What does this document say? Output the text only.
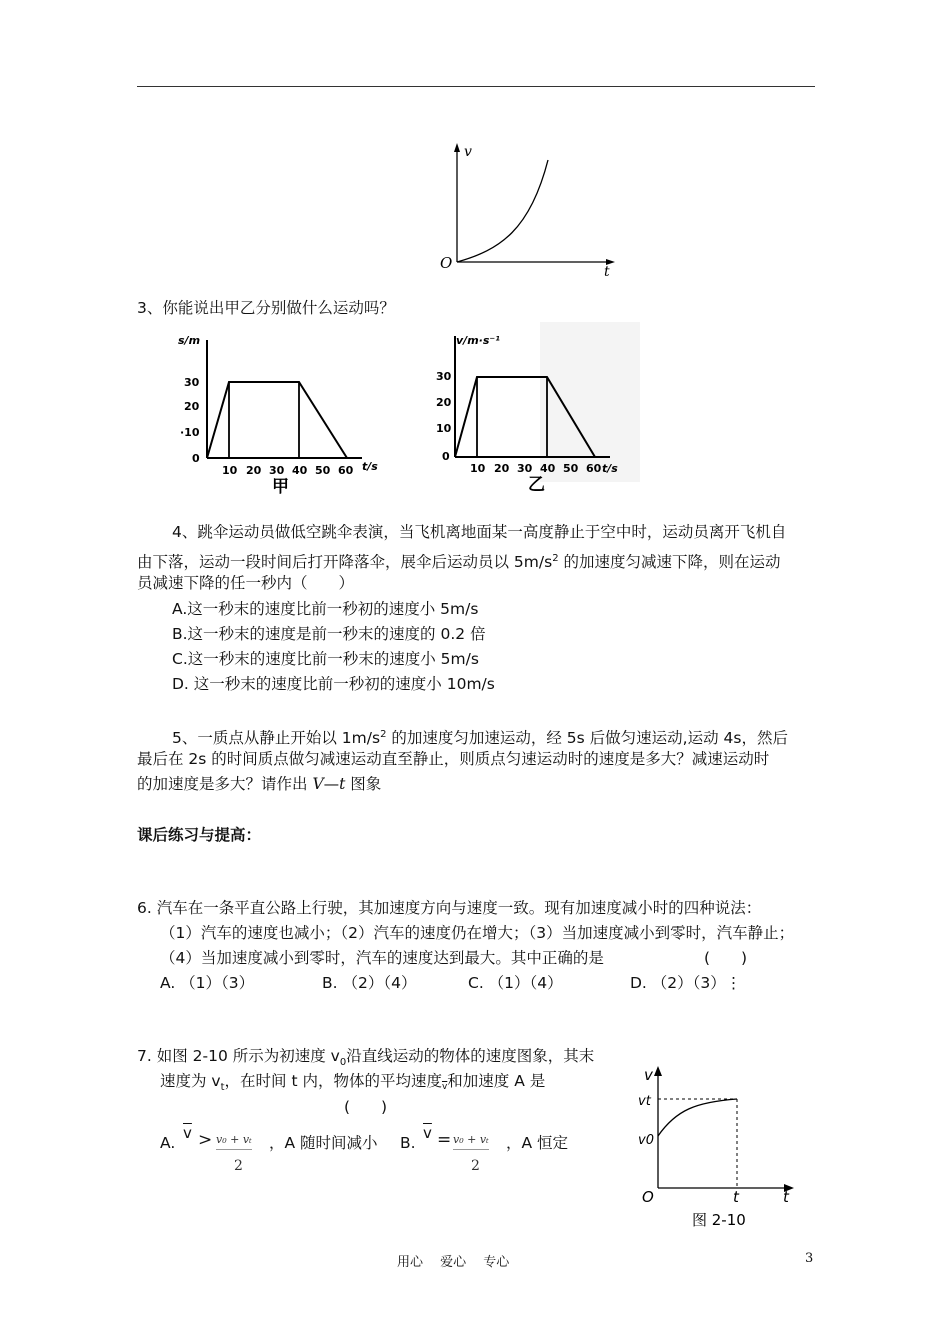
v
t
O
3、你能说出甲乙分别做什么运动吗？
s/m
30
20
·10
0
10 20 30 40 50 60 t/s
甲
v/m·s⁻¹
30
20
10
0
10 20 30 40 50 60 t/s
乙
4、跳伞运动员做低空跳伞表演，当飞机离地面某一高度静止于空中时，运动员离开飞机自
由下落，运动一段时间后打开降落伞，展伞后运动员以 $5m/s^2$ 的加速度匀减速下降，则在运动
员减速下降的任一秒内（　　）
A.这一秒末的速度比前一秒初的速度小 5m/s
B.这一秒末的速度是前一秒末的速度的 0.2 倍
C.这一秒末的速度比前一秒末的速度小 5m/s
D. 这一秒末的速度比前一秒初的速度小 10m/s
5、一质点从静止开始以 $1m/s^2$ 的加速度匀加速运动，经 5s 后做匀速运动,运动 4s，然后
最后在 2s 的时间质点做匀减速运动直至静止，则质点匀速运动时的速度是多大？减速运动时
的加速度是多大？请作出 V—t 图象
课后练习与提高：
6. 汽车在一条平直公路上行驶，其加速度方向与速度一致。现有加速度减小时的四种说法：
（1）汽车的速度也减小；（2）汽车的速度仍在增大；（3）当加速度减小到零时，汽车静止；
（4）当加速度减小到零时，汽车的速度达到最大。其中正确的是	(　　)
A. （1）（3）	B. （2）（4）	C. （1）（4）	D. （2）（3）⋮
7. 如图 2-10 所示为初速度 $v_0$沿直线运动的物体的速度图象，其末
速度为 $v_t$，在时间 t 内，物体的平均速度$\overline{v}$和加速度 A 是
(　　)
A.
$\overline{v} > v_0 + v_t$
2
，A 随时间减小 B.
$\overline{v} = v_0 + v_t$
2
，A 恒定
v
vt
v0
O	t	t
图 2-10
用心　 爱心　 专心	3
